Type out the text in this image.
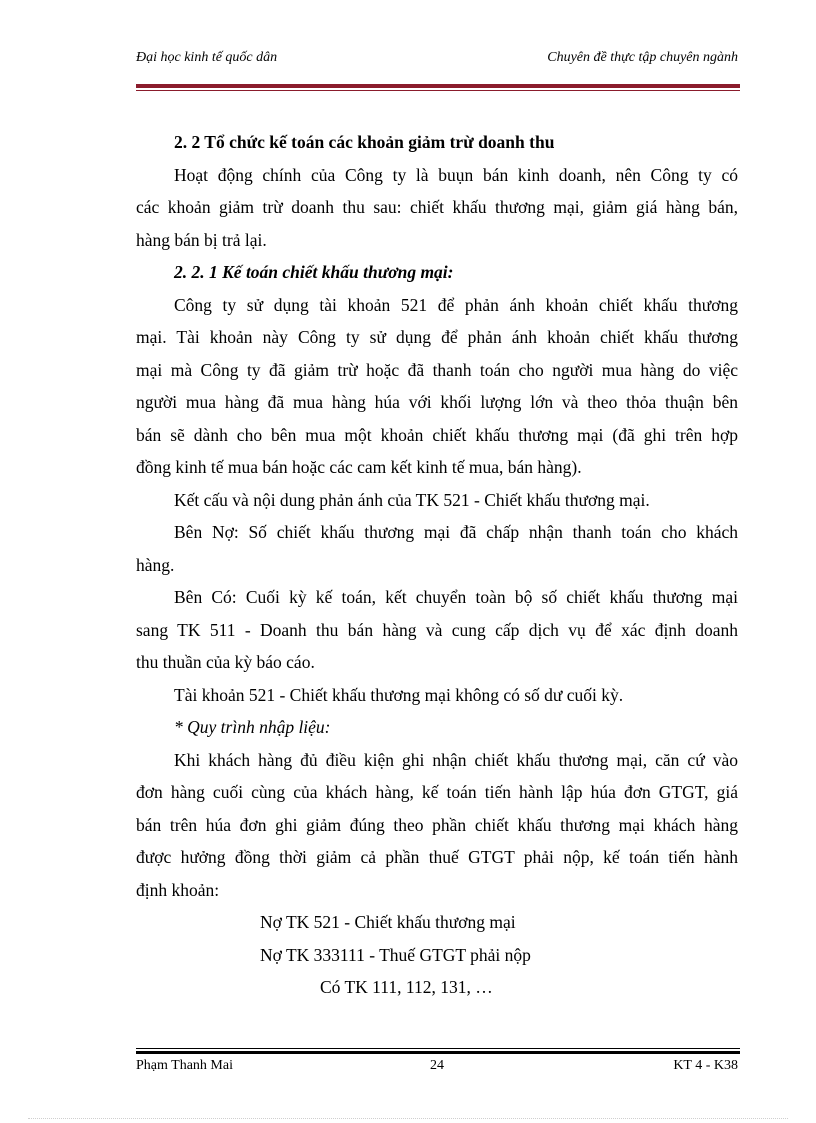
Đại học kinh tế quốc dân	Chuyên đề thực tập chuyên ngành
2. 2 Tổ chức kế toán các khoản giảm trừ doanh thu
Hoạt động chính của Công ty là buụn bán kinh doanh, nên Công ty có
các khoản giảm trừ doanh thu sau: chiết khấu thương mại, giảm giá hàng bán,
hàng bán bị trả lại.
2. 2. 1 Kế toán chiết khấu thương mại:
Công ty sử dụng tài khoản 521 để phản ánh khoản chiết khấu thương
mại. Tài khoản này Công ty sử dụng để phản ánh khoản chiết khấu thương
mại mà Công ty đã giảm trừ hoặc đã thanh toán cho người mua hàng do việc
người mua hàng đã mua hàng húa với khối lượng lớn và theo thỏa thuận bên
bán sẽ dành cho bên mua một khoản chiết khấu thương mại (đã ghi trên hợp
đồng kinh tế mua bán hoặc các cam kết kinh tế mua, bán hàng).
Kết cấu và nội dung phản ánh của TK 521 - Chiết khấu thương mại.
Bên Nợ: Số chiết khấu thương mại đã chấp nhận thanh toán cho khách
hàng.
Bên Có: Cuối kỳ kế toán, kết chuyển toàn bộ số chiết khấu thương mại
sang TK 511 - Doanh thu bán hàng và cung cấp dịch vụ để xác định doanh
thu thuần của kỳ báo cáo.
Tài khoản 521 - Chiết khấu thương mại không có số dư cuối kỳ.
* Quy trình nhập liệu:
Khi khách hàng đủ điều kiện ghi nhận chiết khấu thương mại, căn cứ vào
đơn hàng cuối cùng của khách hàng, kế toán tiến hành lập húa đơn GTGT, giá
bán trên húa đơn ghi giảm đúng theo phần chiết khấu thương mại khách hàng
được hưởng đồng thời giảm cả phần thuế GTGT phải nộp, kế toán tiến hành
định khoản:
Nợ TK 521 - Chiết khấu thương mại
Nợ TK 333111 - Thuế GTGT phải nộp
Có TK 111, 112, 131, …
24
Phạm Thanh Mai	KT 4 - K38
